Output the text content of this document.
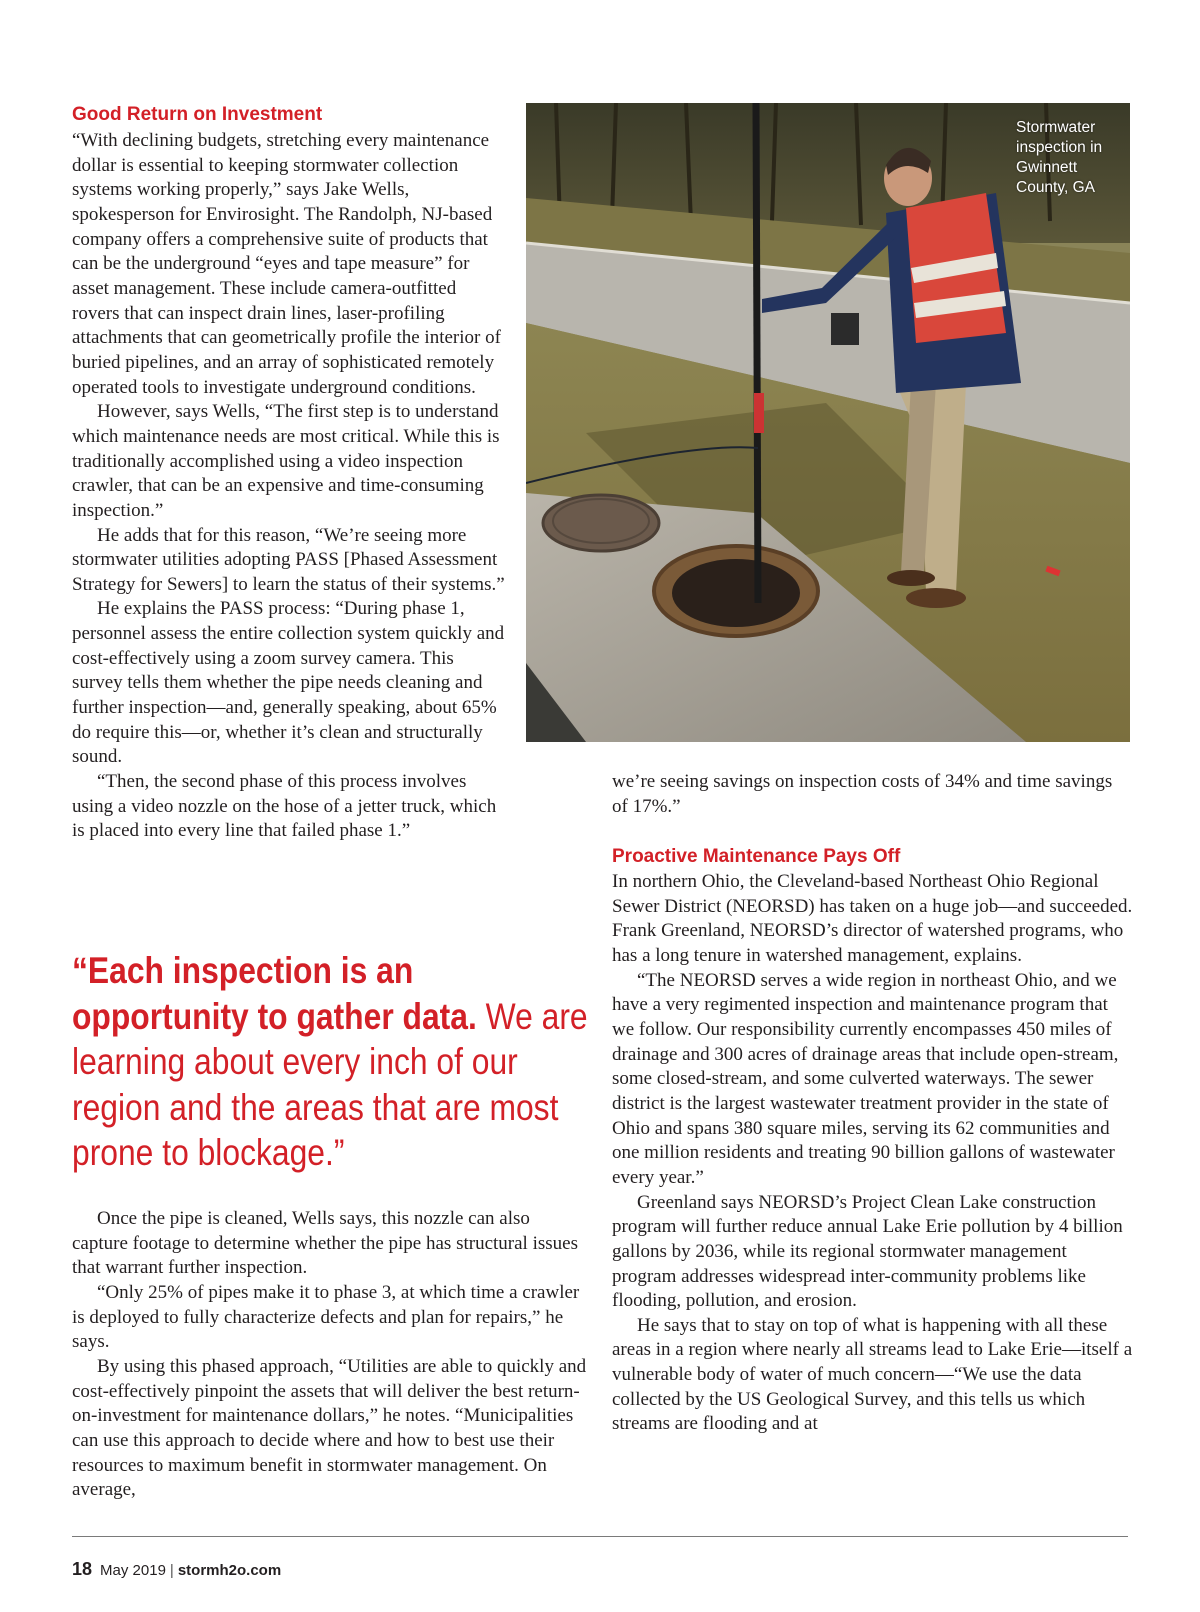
Good Return on Investment

“With declining budgets, stretching every maintenance dollar is essential to keeping stormwater collection systems working properly,” says Jake Wells, spokesperson for Envirosight. The Randolph, NJ-based company offers a comprehensive suite of products that can be the underground “eyes and tape measure” for asset management. These include camera-outfitted rovers that can inspect drain lines, laser-profiling attachments that can geometrically profile the interior of buried pipelines, and an array of sophisticated remotely operated tools to investigate underground conditions.

However, says Wells, “The first step is to understand which maintenance needs are most critical. While this is traditionally accomplished using a video inspection crawler, that can be an expensive and time-consuming inspection.”

He adds that for this reason, “We’re seeing more stormwater utilities adopting PASS [Phased Assessment Strategy for Sewers] to learn the status of their systems.”

He explains the PASS process: “During phase 1, personnel assess the entire collection system quickly and cost-effectively using a zoom survey camera. This survey tells them whether the pipe needs cleaning and further inspection—and, generally speaking, about 65% do require this—or, whether it’s clean and structurally sound.

“Then, the second phase of this process involves using a video nozzle on the hose of a jetter truck, which is placed into every line that failed phase 1.”

Stormwater inspection in Gwinnett County, GA
“Each inspection is an opportunity to gather data. We are learning about every inch of our region and the areas that are most prone to blockage.”

Once the pipe is cleaned, Wells says, this nozzle can also capture footage to determine whether the pipe has structural issues that warrant further inspection.

“Only 25% of pipes make it to phase 3, at which time a crawler is deployed to fully characterize defects and plan for repairs,” he says.

By using this phased approach, “Utilities are able to quickly and cost-effectively pinpoint the assets that will deliver the best return-on-investment for maintenance dollars,” he notes. “Municipalities can use this approach to decide where and how to best use their resources to maximum benefit in stormwater management. On average,

we’re seeing savings on inspection costs of 34% and time savings of 17%.”

Proactive Maintenance Pays Off

In northern Ohio, the Cleveland-based Northeast Ohio Regional Sewer District (NEORSD) has taken on a huge job—and succeeded. Frank Greenland, NEORSD’s director of watershed programs, who has a long tenure in watershed management, explains.

“The NEORSD serves a wide region in northeast Ohio, and we have a very regimented inspection and maintenance program that we follow. Our responsibility currently encompasses 450 miles of drainage and 300 acres of drainage areas that include open-stream, some closed-stream, and some culverted waterways. The sewer district is the largest wastewater treatment provider in the state of Ohio and spans 380 square miles, serving its 62 communities and one million residents and treating 90 billion gallons of wastewater every year.”

Greenland says NEORSD’s Project Clean Lake construction program will further reduce annual Lake Erie pollution by 4 billion gallons by 2036, while its regional stormwater management program addresses widespread inter-community problems like flooding, pollution, and erosion.

He says that to stay on top of what is happening with all these areas in a region where nearly all streams lead to Lake Erie—itself a vulnerable body of water of much concern—“We use the data collected by the US Geological Survey, and this tells us which streams are flooding and at

18 May 2019 | stormh2o.com
